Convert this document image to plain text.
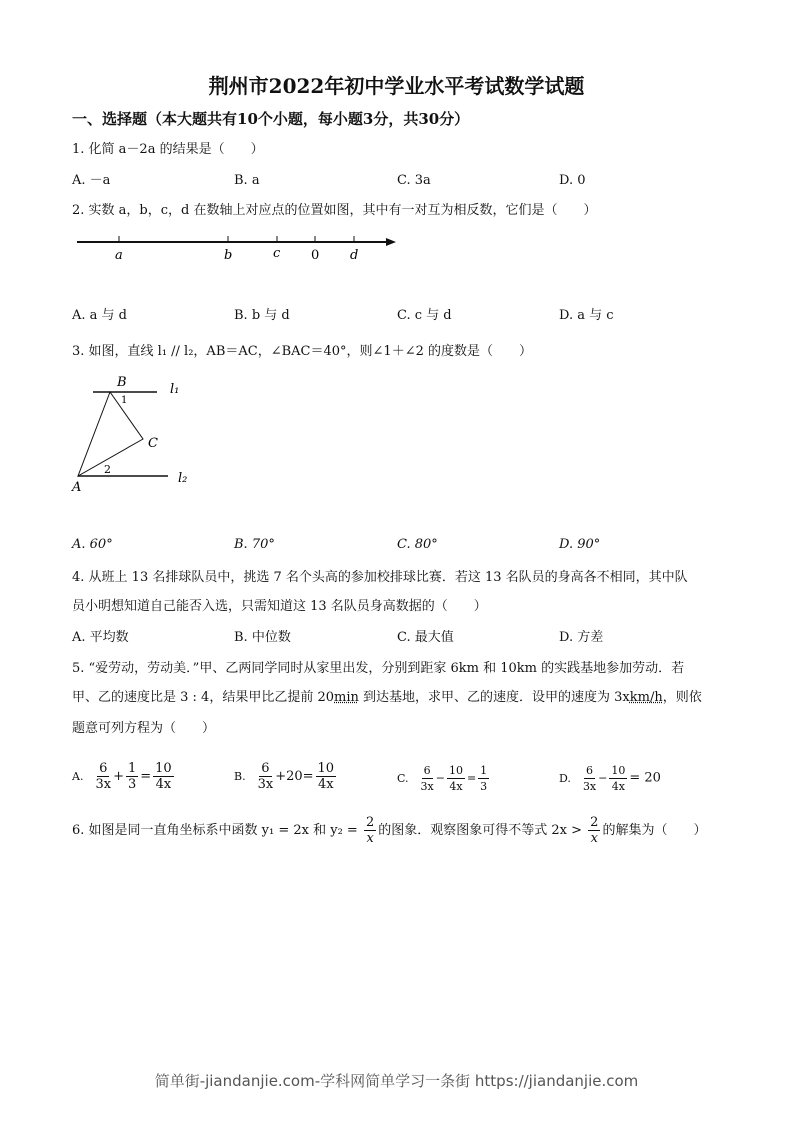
荆州市2022年初中学业水平考试数学试题
一、选择题（本大题共有10个小题，每小题3分，共30分）
1. 化简 a－2a 的结果是（　　）
A. －a	B. a	C. 3a	D. 0
2. 实数 a，b，c，d 在数轴上对应点的位置如图，其中有一对互为相反数，它们是（　　）
a	b	c 0 d
A. a 与 d	B. b 与 d	C. c 与 d	D. a 与 c
3. 如图，直线 l₁ // l₂，AB＝AC，∠BAC＝40°，则∠1＋∠2 的度数是（　　）
B	l₁
C
A
l₂
1
2
A. 60°	B. 70°	C. 80°	D. 90°
4. 从班上 13 名排球队员中，挑选 7 名个头高的参加校排球比赛．若这 13 名队员的身高各不相同，其中队
员小明想知道自己能否入选，只需知道这 13 名队员身高数据的（　　）
A. 平均数	B. 中位数	C. 最大值	D. 方差
5. “爱劳动，劳动美．”甲、乙两同学同时从家里出发，分别到距家 6km 和 10km 的实践基地参加劳动．若
甲、乙的速度比是 3 : 4，结果甲比乙提前 20min 到达基地，求甲、乙的速度．设甲的速度为 3xkm/h，则依
题意可列方程为（　　）
A. $\frac{6}{3x} + \frac{1}{3} = \frac{10}{4x}$	B. $\frac{6}{3x} +20= \frac{10}{4x}$	C. $\frac{6}{3x} - \frac{10}{4x} = \frac{1}{3}$	D. $\frac{6}{3x} - \frac{10}{4x} = 20$
6. 如图是同一直角坐标系中函数 y₁ = 2x 和 $y_2 = \frac{2}{x}$ 的图象．观察图象可得不等式 $2x > \frac{2}{x}$ 的解集为（　　）
简单街-jiandanjie.com-学科网简单学习一条街 https://jiandanjie.com
